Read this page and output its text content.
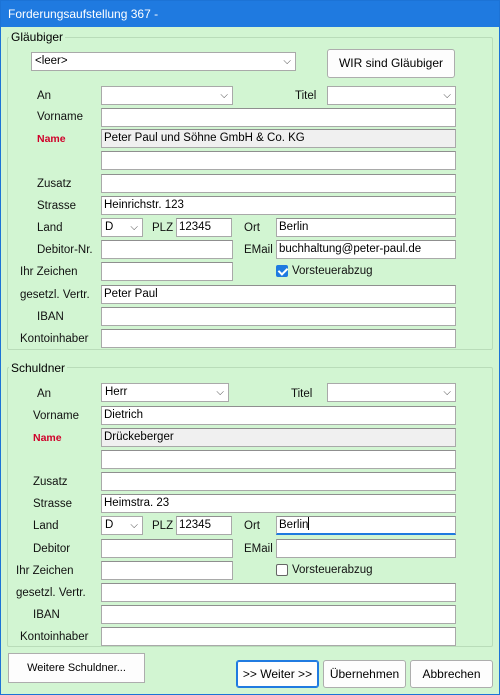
Forderungsaufstellung 367 -
Gläubiger
<leer>	⌵	WIR sind Gläubiger
An	⌵	Titel	⌵
Vorname
Name	Peter Paul und Söhne GmbH & Co. KG
Zusatz
Strasse Heinrichstr. 123
Land	D ⌵ PLZ 12345	Ort Berlin
Debitor-Nr.	EMail buchhaltung@peter-paul.de
Ihr Zeichen	Vorsteuerabzug
gesetzl. Vertr. Peter Paul
IBAN
Kontoinhaber
Schuldner
An	Herr	⌵	Titel	⌵
Vorname Dietrich
Name	Drückeberger
Zusatz
Strasse	Heimstra. 23
Land	D ⌵ PLZ 12345	Ort Berlin
Debitor	EMail
Ihr Zeichen	Vorsteuerabzug
gesetzl. Vertr.
IBAN
Kontoinhaber
Weitere Schuldner...	>> Weiter >>	Übernehmen	Abbrechen
